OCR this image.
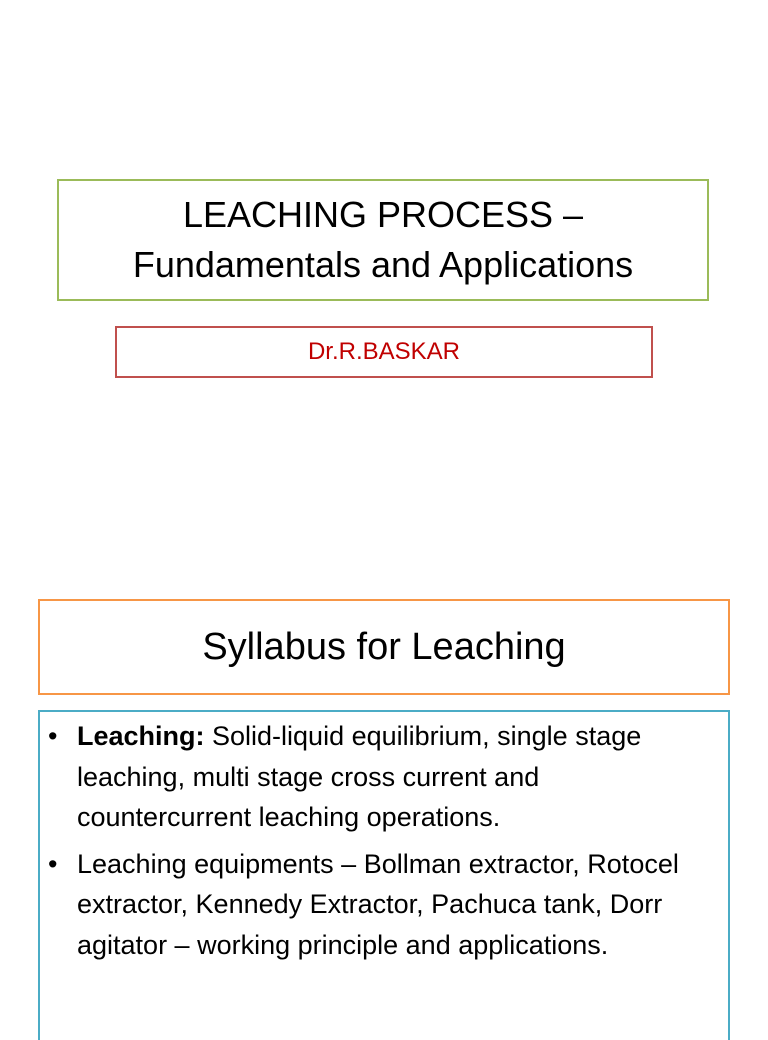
LEACHING PROCESS –
Fundamentals and Applications
Dr.R.BASKAR
Syllabus for Leaching
• Leaching: Solid-liquid equilibrium, single stage leaching, multi stage cross current and countercurrent leaching operations.
• Leaching equipments – Bollman extractor, Rotocel extractor, Kennedy Extractor, Pachuca tank, Dorr agitator – working principle and applications.
